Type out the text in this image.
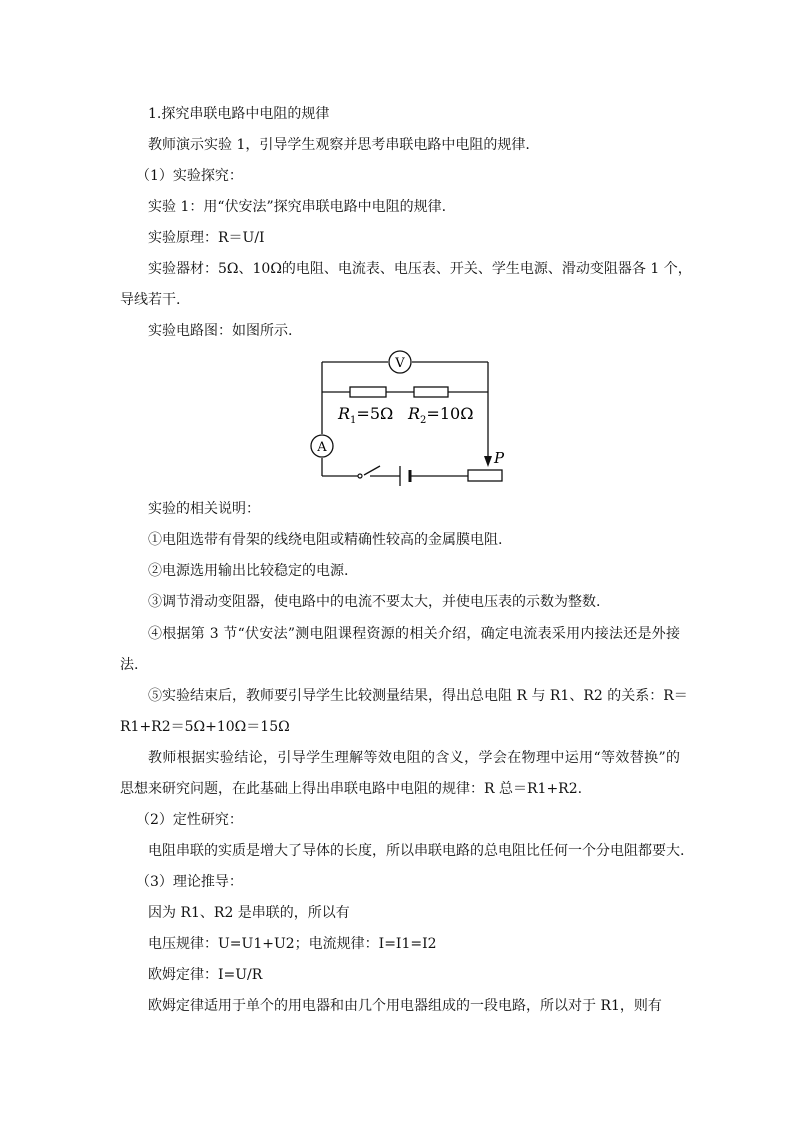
1.探究串联电路中电阻的规律
教师演示实验 1，引导学生观察并思考串联电路中电阻的规律.
（1）实验探究：
实验 1：用“伏安法”探究串联电路中电阻的规律.
实验原理：R＝U/I
实验器材：5Ω、10Ω的电阻、电流表、电压表、开关、学生电源、滑动变阻器各 1 个，
导线若干.
实验电路图：如图所示.
V
A
$R_1=5\Omega$ $R_2=10\Omega$
P
实验的相关说明：
①电阻选带有骨架的线绕电阻或精确性较高的金属膜电阻.
②电源选用输出比较稳定的电源.
③调节滑动变阻器，使电路中的电流不要太大，并使电压表的示数为整数.
④根据第 3 节“伏安法”测电阻课程资源的相关介绍，确定电流表采用内接法还是外接
法.
⑤实验结束后，教师要引导学生比较测量结果，得出总电阻 R 与 R1、R2 的关系：R＝
R1+R2＝5Ω+10Ω＝15Ω
教师根据实验结论，引导学生理解等效电阻的含义，学会在物理中运用“等效替换”的
思想来研究问题，在此基础上得出串联电路中电阻的规律：R 总＝R1+R2.
（2）定性研究：
电阻串联的实质是增大了导体的长度，所以串联电路的总电阻比任何一个分电阻都要大.
（3）理论推导：
因为 R1、R2 是串联的，所以有
电压规律：U=U1+U2；电流规律：I=I1=I2
欧姆定律：I=U/R
欧姆定律适用于单个的用电器和由几个用电器组成的一段电路，所以对于 R1，则有
